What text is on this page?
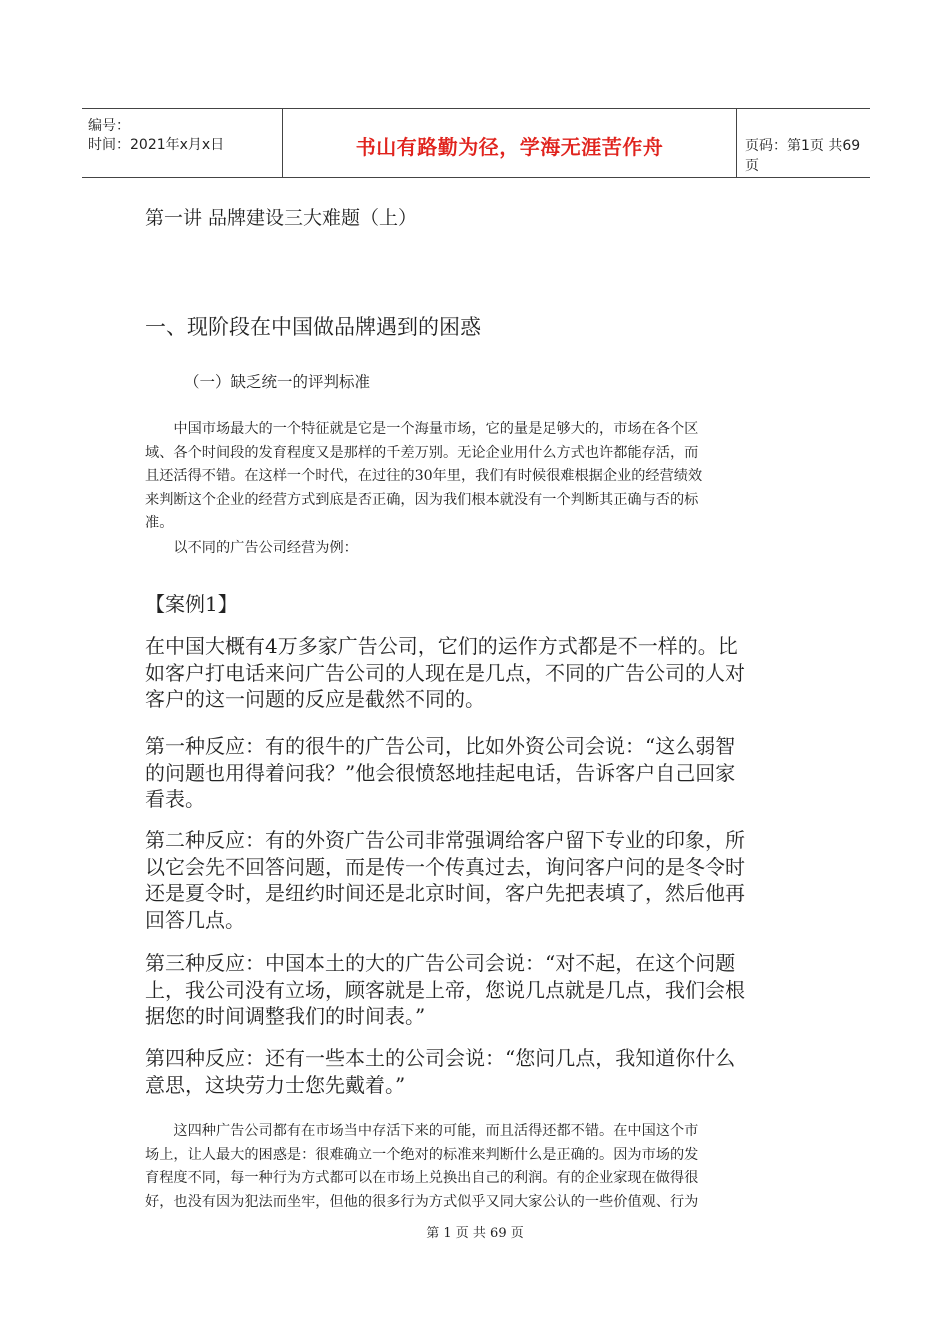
编号：
时间：2021年x月x日	书山有路勤为径，学海无涯苦作舟	页码：第1页 共69页
第一讲 品牌建设三大难题（上）
一、现阶段在中国做品牌遇到的困惑
（一）缺乏统一的评判标准
　　中国市场最大的一个特征就是它是一个海量市场，它的量是足够大的，市场在各个区
域、各个时间段的发育程度又是那样的千差万别。无论企业用什么方式也许都能存活，而
且还活得不错。在这样一个时代，在过往的30年里，我们有时候很难根据企业的经营绩效
来判断这个企业的经营方式到底是否正确，因为我们根本就没有一个判断其正确与否的标
准。
　　以不同的广告公司经营为例：
【案例1】
在中国大概有4万多家广告公司，它们的运作方式都是不一样的。比
如客户打电话来问广告公司的人现在是几点，不同的广告公司的人对
客户的这一问题的反应是截然不同的。
第一种反应：有的很牛的广告公司，比如外资公司会说：“这么弱智
的问题也用得着问我？”他会很愤怒地挂起电话，告诉客户自己回家
看表。
第二种反应：有的外资广告公司非常强调给客户留下专业的印象，所
以它会先不回答问题，而是传一个传真过去，询问客户问的是冬令时
还是夏令时，是纽约时间还是北京时间，客户先把表填了，然后他再
回答几点。
第三种反应：中国本土的大的广告公司会说：“对不起，在这个问题
上，我公司没有立场，顾客就是上帝，您说几点就是几点，我们会根
据您的时间调整我们的时间表。”
第四种反应：还有一些本土的公司会说：“您问几点，我知道你什么
意思，这块劳力士您先戴着。”
　　这四种广告公司都有在市场当中存活下来的可能，而且活得还都不错。在中国这个市
场上，让人最大的困惑是：很难确立一个绝对的标准来判断什么是正确的。因为市场的发
育程度不同，每一种行为方式都可以在市场上兑换出自己的利润。有的企业家现在做得很
好，也没有因为犯法而坐牢，但他的很多行为方式似乎又同大家公认的一些价值观、行为
第 1 页 共 69 页
